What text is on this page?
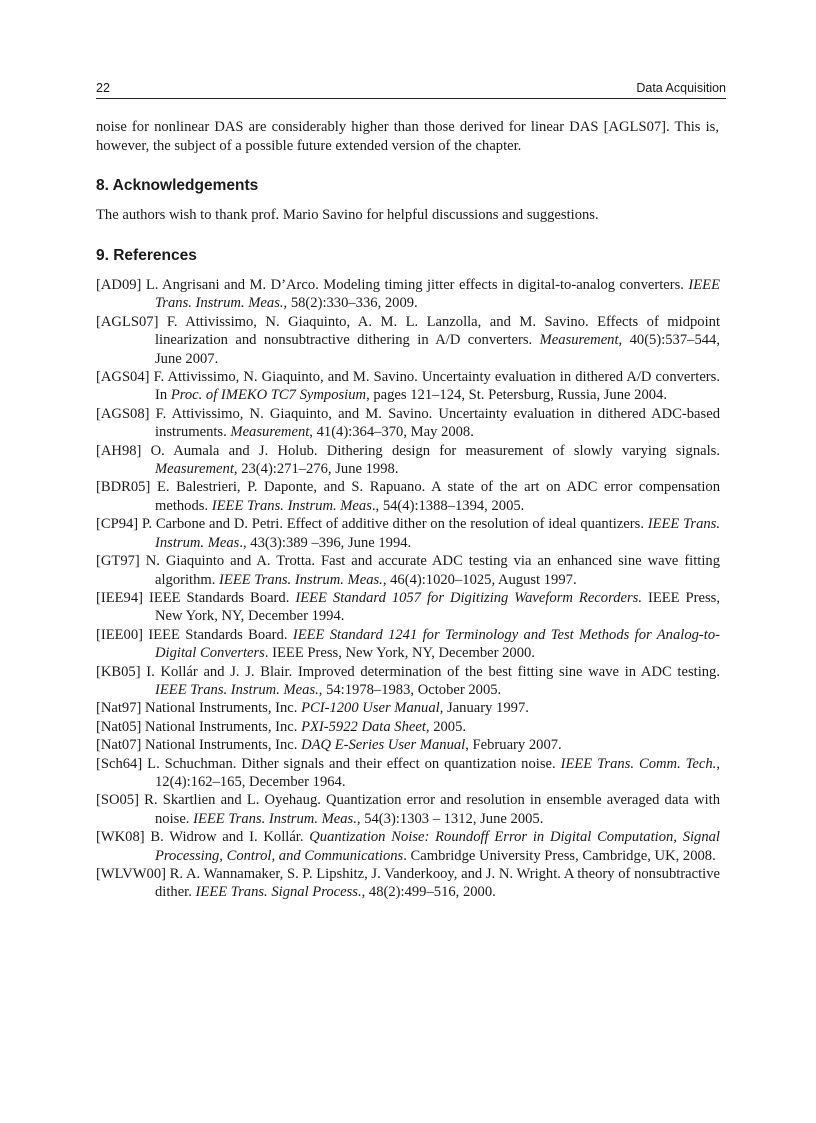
22	Data Acquisition

noise for nonlinear DAS are considerably higher than those derived for linear DAS [AGLS07]. This is, however, the subject of a possible future extended version of the chapter.

8. Acknowledgements

The authors wish to thank prof. Mario Savino for helpful discussions and suggestions.

9. References

[AD09] L. Angrisani and M. D’Arco. Modeling timing jitter effects in digital-to-analog converters. IEEE Trans. Instrum. Meas., 58(2):330–336, 2009.

[AGLS07] F. Attivissimo, N. Giaquinto, A. M. L. Lanzolla, and M. Savino. Effects of midpoint linearization and nonsubtractive dithering in A/D converters. Measurement, 40(5):537–544, June 2007.

[AGS04] F. Attivissimo, N. Giaquinto, and M. Savino. Uncertainty evaluation in dithered A/D converters. In Proc. of IMEKO TC7 Symposium, pages 121–124, St. Petersburg, Russia, June 2004.

[AGS08] F. Attivissimo, N. Giaquinto, and M. Savino. Uncertainty evaluation in dithered ADC-based instruments. Measurement, 41(4):364–370, May 2008.

[AH98] O. Aumala and J. Holub. Dithering design for measurement of slowly varying signals. Measurement, 23(4):271–276, June 1998.

[BDR05] E. Balestrieri, P. Daponte, and S. Rapuano. A state of the art on ADC error compensation methods. IEEE Trans. Instrum. Meas., 54(4):1388–1394, 2005.

[CP94] P. Carbone and D. Petri. Effect of additive dither on the resolution of ideal quantizers. IEEE Trans. Instrum. Meas., 43(3):389 –396, June 1994.

[GT97] N. Giaquinto and A. Trotta. Fast and accurate ADC testing via an enhanced sine wave fitting algorithm. IEEE Trans. Instrum. Meas., 46(4):1020–1025, August 1997.

[IEE94] IEEE Standards Board. IEEE Standard 1057 for Digitizing Waveform Recorders. IEEE Press, New York, NY, December 1994.

[IEE00] IEEE Standards Board. IEEE Standard 1241 for Terminology and Test Methods for Analog-to-Digital Converters. IEEE Press, New York, NY, December 2000.

[KB05] I. Kollár and J. J. Blair. Improved determination of the best fitting sine wave in ADC testing. IEEE Trans. Instrum. Meas., 54:1978–1983, October 2005.

[Nat97] National Instruments, Inc. PCI-1200 User Manual, January 1997.

[Nat05] National Instruments, Inc. PXI-5922 Data Sheet, 2005.

[Nat07] National Instruments, Inc. DAQ E-Series User Manual, February 2007.

[Sch64] L. Schuchman. Dither signals and their effect on quantization noise. IEEE Trans. Comm. Tech., 12(4):162–165, December 1964.

[SO05] R. Skartlien and L. Oyehaug. Quantization error and resolution in ensemble averaged data with noise. IEEE Trans. Instrum. Meas., 54(3):1303 – 1312, June 2005.

[WK08] B. Widrow and I. Kollár. Quantization Noise: Roundoff Error in Digital Computation, Signal Processing, Control, and Communications. Cambridge University Press, Cambridge, UK, 2008.

[WLVW00] R. A. Wannamaker, S. P. Lipshitz, J. Vanderkooy, and J. N. Wright. A theory of nonsubtractive dither. IEEE Trans. Signal Process., 48(2):499–516, 2000.
